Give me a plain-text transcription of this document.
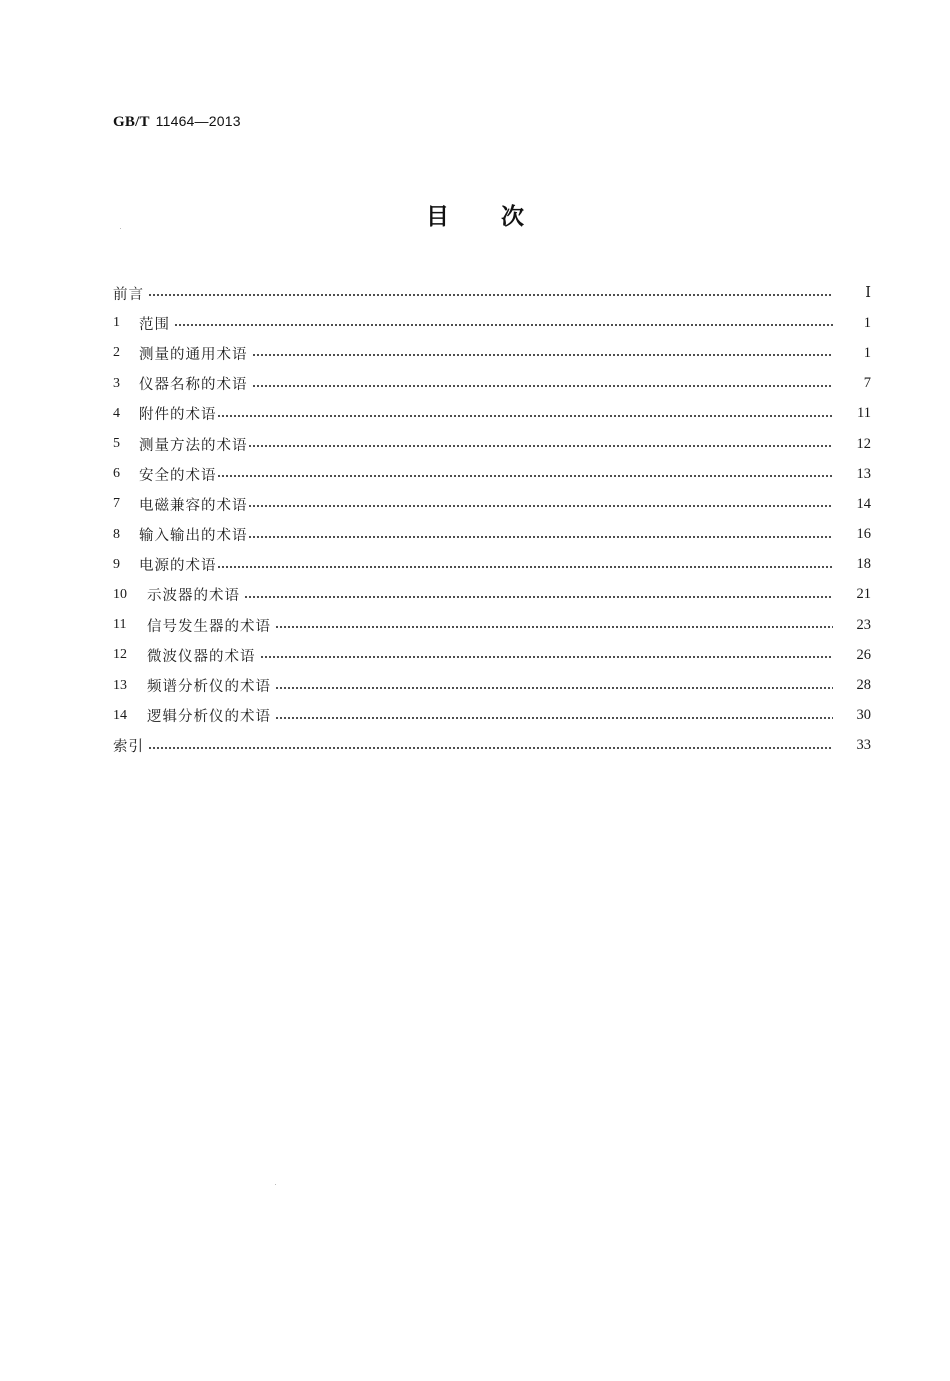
GB/T 11464—2013
目 次
前言	Ⅰ
1	范围	1
2	测量的通用术语	1
3	仪器名称的术语	7
4	附件的术语	11
5	测量方法的术语	12
6	安全的术语	13
7	电磁兼容的术语	14
8	输入输出的术语	16
9	电源的术语	18
10	示波器的术语	21
11	信号发生器的术语	23
12	微波仪器的术语	26
13	频谱分析仪的术语	28
14	逻辑分析仪的术语	30
索引	33
